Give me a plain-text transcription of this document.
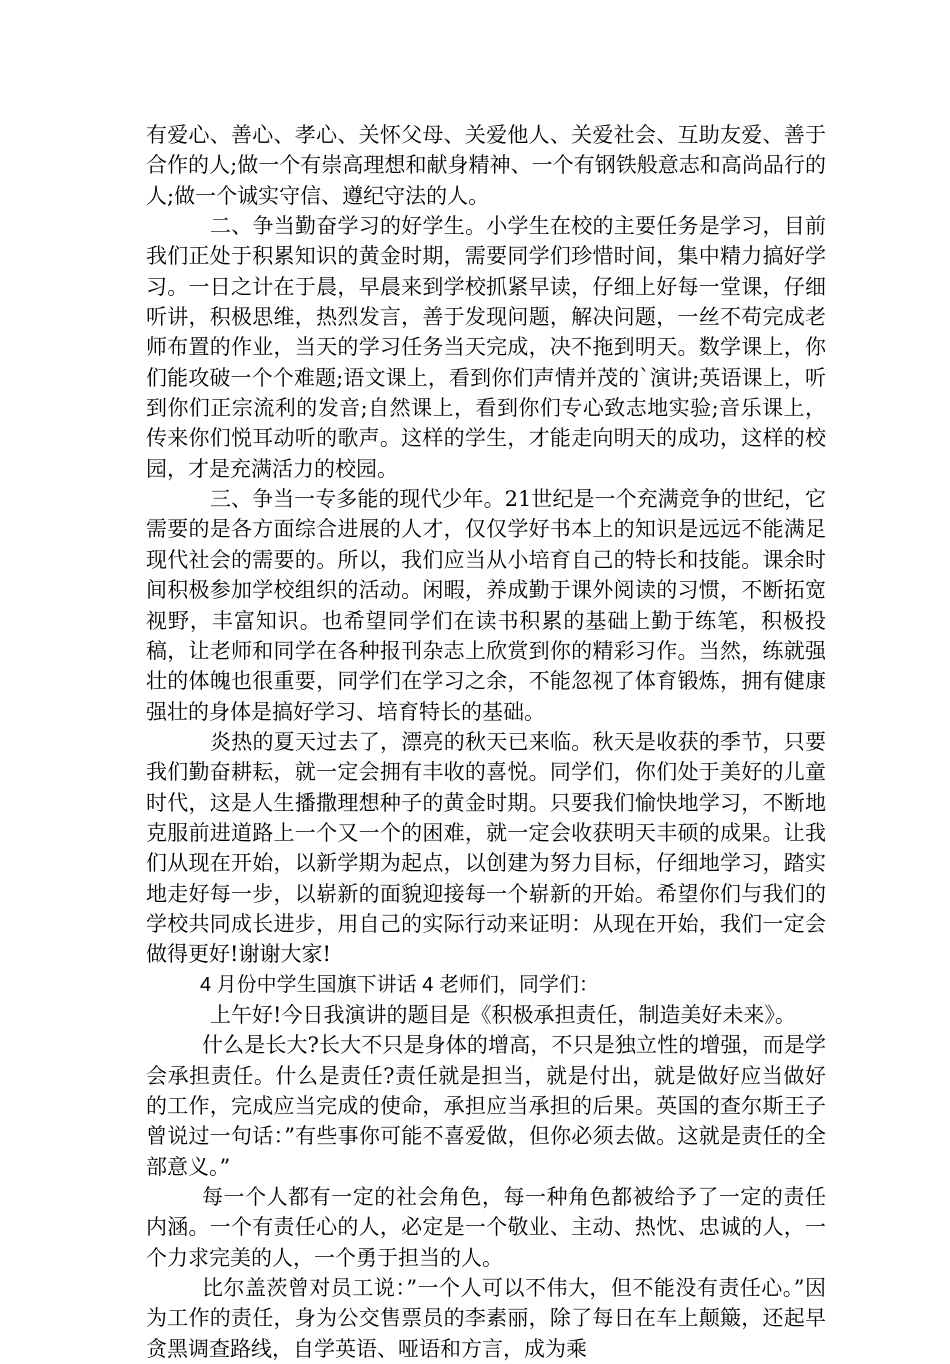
有爱心、善心、孝心、关怀父母、关爱他人、关爱社会、互助友爱、善于合作的人;做一个有崇高理想和献身精神、一个有钢铁般意志和高尚品行的人;做一个诚实守信、遵纪守法的人。

二、争当勤奋学习的好学生。小学生在校的主要任务是学习，目前我们正处于积累知识的黄金时期，需要同学们珍惜时间，集中精力搞好学习。一日之计在于晨，早晨来到学校抓紧早读，仔细上好每一堂课，仔细听讲，积极思维，热烈发言，善于发现问题，解决问题，一丝不苟完成老师布置的作业，当天的学习任务当天完成，决不拖到明天。数学课上，你们能攻破一个个难题;语文课上，看到你们声情并茂的`演讲;英语课上，听到你们正宗流利的发音;自然课上，看到你们专心致志地实验;音乐课上，传来你们悦耳动听的歌声。这样的学生，才能走向明天的成功，这样的校园，才是充满活力的校园。

三、争当一专多能的现代少年。21世纪是一个充满竞争的世纪，它需要的是各方面综合进展的人才，仅仅学好书本上的知识是远远不能满足现代社会的需要的。所以，我们应当从小培育自己的特长和技能。课余时间积极参加学校组织的活动。闲暇，养成勤于课外阅读的习惯，不断拓宽视野，丰富知识。也希望同学们在读书积累的基础上勤于练笔，积极投稿，让老师和同学在各种报刊杂志上欣赏到你的精彩习作。当然，练就强壮的体魄也很重要，同学们在学习之余，不能忽视了体育锻炼，拥有健康强壮的身体是搞好学习、培育特长的基础。

炎热的夏天过去了，漂亮的秋天已来临。秋天是收获的季节，只要我们勤奋耕耘，就一定会拥有丰收的喜悦。同学们，你们处于美好的儿童时代，这是人生播撒理想种子的黄金时期。只要我们愉快地学习，不断地克服前进道路上一个又一个的困难，就一定会收获明天丰硕的成果。让我们从现在开始，以新学期为起点，以创建为努力目标，仔细地学习，踏实地走好每一步，以崭新的面貌迎接每一个崭新的开始。希望你们与我们的学校共同成长进步，用自己的实际行动来证明：从现在开始，我们一定会做得更好!谢谢大家!

4 月份中学生国旗下讲话 4 老师们，同学们：

上午好!今日我演讲的题目是《积极承担责任，制造美好未来》。

什么是长大?长大不只是身体的增高，不只是独立性的增强，而是学会承担责任。什么是责任?责任就是担当，就是付出，就是做好应当做好的工作，完成应当完成的使命，承担应当承担的后果。英国的查尔斯王子曾说过一句话：”有些事你可能不喜爱做，但你必须去做。这就是责任的全部意义。”

每一个人都有一定的社会角色，每一种角色都被给予了一定的责任内涵。一个有责任心的人，必定是一个敬业、主动、热忱、忠诚的人，一个力求完美的人，一个勇于担当的人。

比尔盖茨曾对员工说：”一个人可以不伟大，但不能没有责任心。”因为工作的责任，身为公交售票员的李素丽，除了每日在车上颠簸，还起早贪黑调查路线，自学英语、哑语和方言，成为乘
